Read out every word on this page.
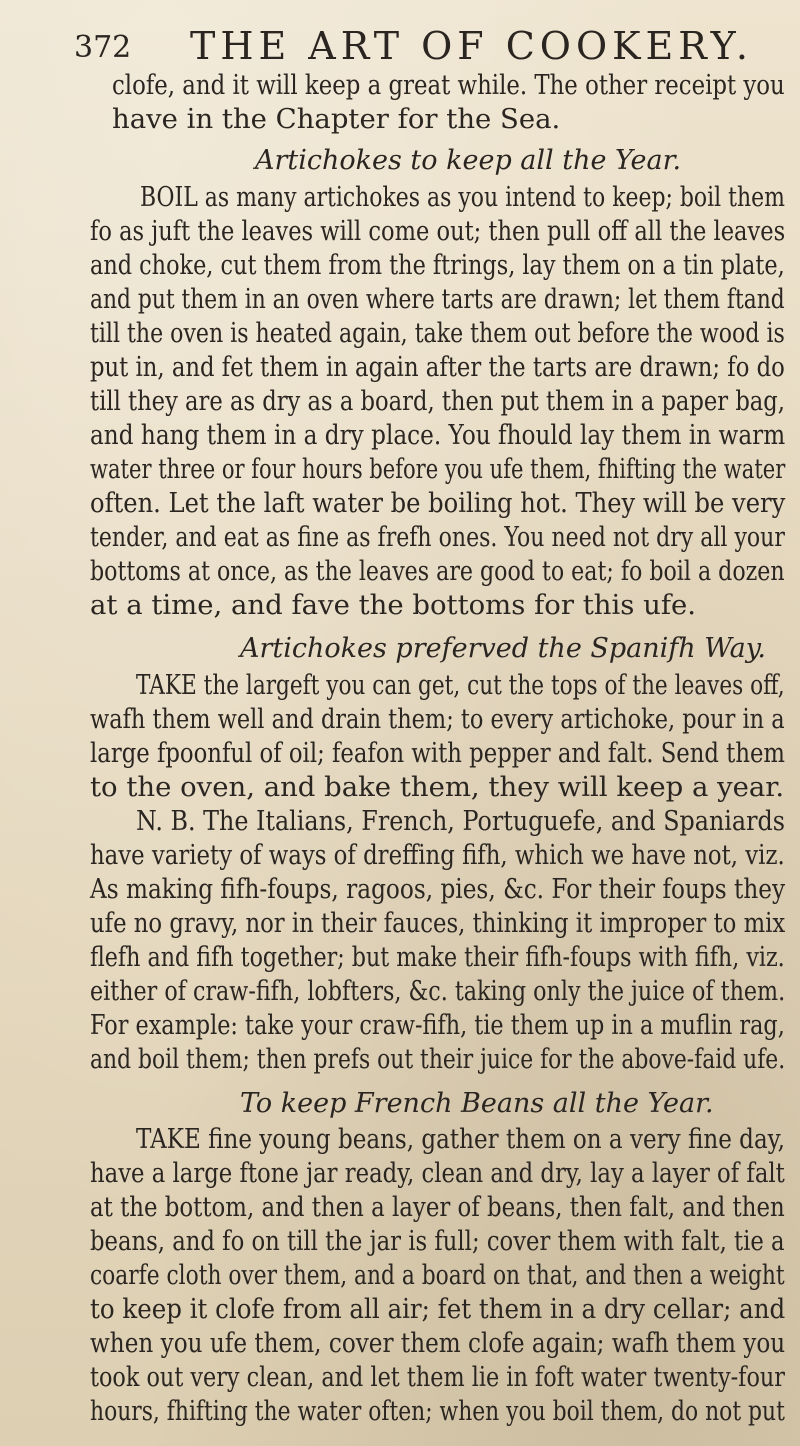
372 THE ART OF COOKERY.
clofe, and it will keep a great while. The other receipt you
have in the Chapter for the Sea.
Artichokes to keep all the Year.
BOIL as many artichokes as you intend to keep; boil them
fo as juft the leaves will come out; then pull off all the leaves
and choke, cut them from the ftrings, lay them on a tin plate,
and put them in an oven where tarts are drawn; let them ftand
till the oven is heated again, take them out before the wood is
put in, and fet them in again after the tarts are drawn; fo do
till they are as dry as a board, then put them in a paper bag,
and hang them in a dry place. You fhould lay them in warm
water three or four hours before you ufe them, fhifting the water
often. Let the laft water be boiling hot. They will be very
tender, and eat as fine as frefh ones. You need not dry all your
bottoms at once, as the leaves are good to eat; fo boil a dozen
at a time, and fave the bottoms for this ufe.
Artichokes preferved the Spanifh Way.
TAKE the largeft you can get, cut the tops of the leaves off,
wafh them well and drain them; to every artichoke, pour in a
large fpoonful of oil; feafon with pepper and falt. Send them
to the oven, and bake them, they will keep a year.
N. B. The Italians, French, Portuguefe, and Spaniards
have variety of ways of dreffing fifh, which we have not, viz.
As making fifh-foups, ragoos, pies, &c. For their foups they
ufe no gravy, nor in their fauces, thinking it improper to mix
flefh and fifh together; but make their fifh-foups with fifh, viz.
either of craw-fifh, lobfters, &c. taking only the juice of them.
For example: take your craw-fifh, tie them up in a muflin rag,
and boil them; then prefs out their juice for the above-faid ufe.
To keep French Beans all the Year.
TAKE fine young beans, gather them on a very fine day,
have a large ftone jar ready, clean and dry, lay a layer of falt
at the bottom, and then a layer of beans, then falt, and then
beans, and fo on till the jar is full; cover them with falt, tie a
coarfe cloth over them, and a board on that, and then a weight
to keep it clofe from all air; fet them in a dry cellar; and
when you ufe them, cover them clofe again; wafh them you
took out very clean, and let them lie in foft water twenty-four
hours, fhifting the water often; when you boil them, do not put
